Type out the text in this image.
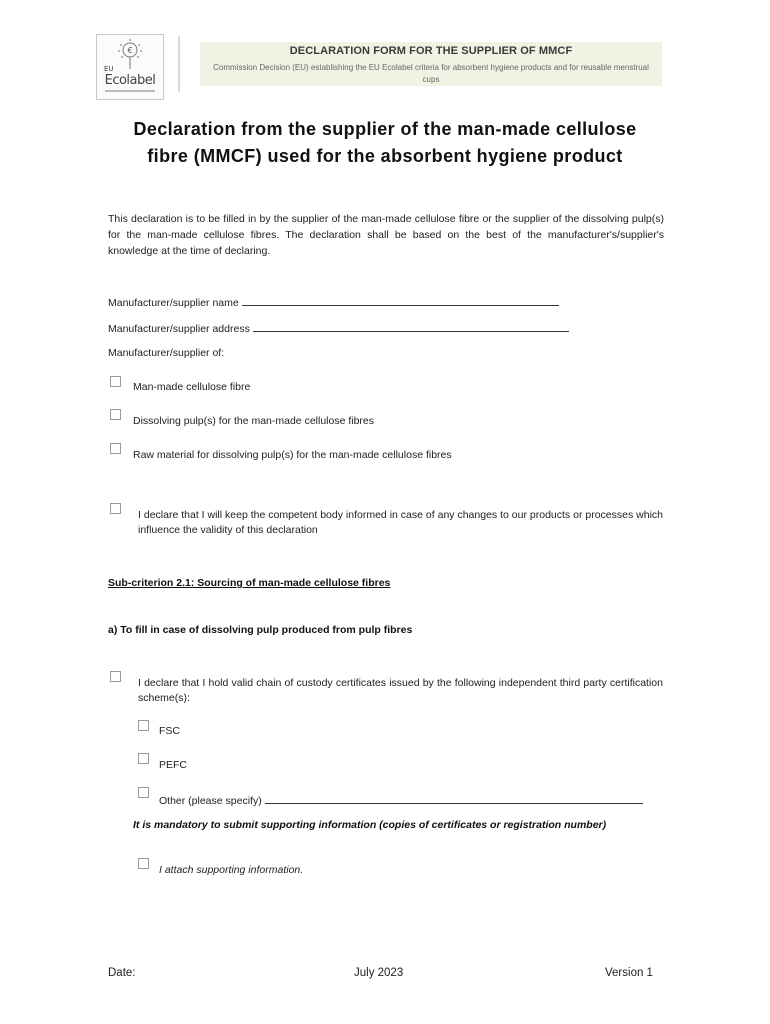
€
EU
Ecolabel
DECLARATION FORM FOR THE SUPPLIER OF MMCF
Commission Decision (EU) establishing the EU Ecolabel criteria for absorbent hygiene products and for reusable menstrual cups
Declaration from the supplier of the man-made cellulose
fibre (MMCF) used for the absorbent hygiene product
This declaration is to be filled in by the supplier of the man-made cellulose fibre or the supplier of the dissolving pulp(s) for the man-made cellulose fibres. The declaration shall be based on the best of the manufacturer's/supplier's knowledge at the time of declaring.
Manufacturer/supplier name
Manufacturer/supplier address
Manufacturer/supplier of:
Man-made cellulose fibre
Dissolving pulp(s) for the man-made cellulose fibres
Raw material for dissolving pulp(s) for the man-made cellulose fibres
I declare that I will keep the competent body informed in case of any changes to our products or processes which influence the validity of this declaration
Sub-criterion 2.1: Sourcing of man-made cellulose fibres
a) To fill in case of dissolving pulp produced from pulp fibres
I declare that I hold valid chain of custody certificates issued by the following independent third party certification scheme(s):
FSC
PEFC
Other (please specify)
It is mandatory to submit supporting information (copies of certificates or registration number)
I attach supporting information.
Date:	July 2023	Version 1
